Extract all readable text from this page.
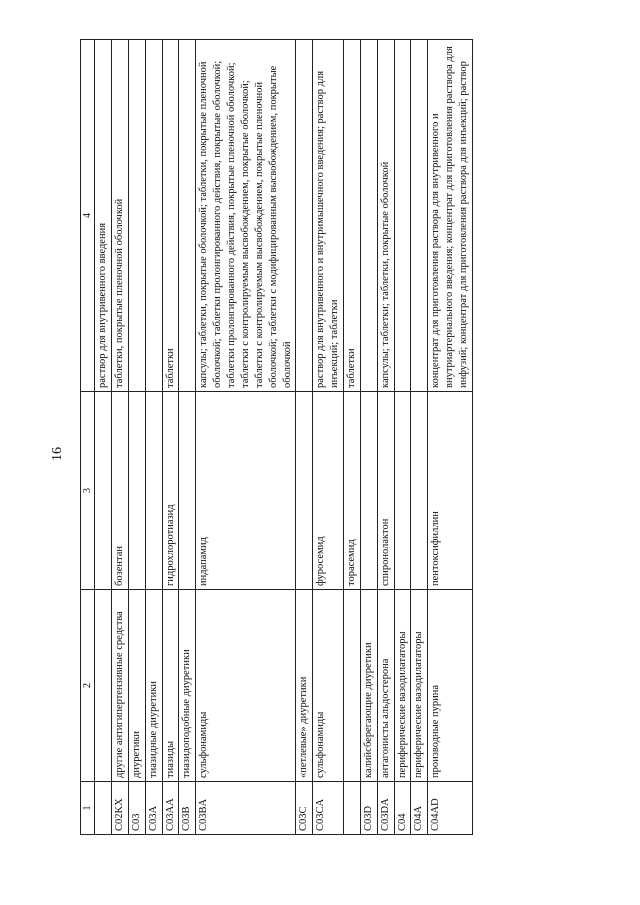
16
1	2	3	4
			раствор для внутривенного введения
C02KX	другие антигипертензивные средства	бозентан	таблетки, покрытые пленочной оболочкой
C03	диуретики		
C03A	тиазидные диуретики		
C03AA	тиазиды	гидрохлоротиазид	таблетки
C03B	тиазидоподобные диуретики		
C03BA	сульфонамиды	индапамид	капсулы; таблетки, покрытые оболочкой; таблетки, покрытые пленочной оболочкой; таблетки пролонгированного действия, покрытые оболочкой; таблетки пролонгированного действия, покрытые пленочной оболочкой; таблетки с контролируемым высвобождением, покрытые оболочкой; таблетки с контролируемым высвобождением, покрытые пленочной оболочкой; таблетки с модифицированным высвобождением, покрытые оболочкой
C03C	«петлевые» диуретики		
C03CA	сульфонамиды	фуросемид	раствор для внутривенного и внутримышечного введения; раствор для инъекций; таблетки
		торасемид	таблетки
C03D	калийсберегающие диуретики		
C03DA	антагонисты альдостерона	спиронолактон	капсулы; таблетки; таблетки, покрытые оболочкой
C04	периферические вазодилататоры		
C04A	периферические вазодилататоры		
C04AD	производные пурина	пентоксифиллин	концентрат для приготовления раствора для внутривенного и внутриартериального введения; концентрат для приготовления раствора для инфузий; концентрат для приготовления раствора для инъекций; раствор
